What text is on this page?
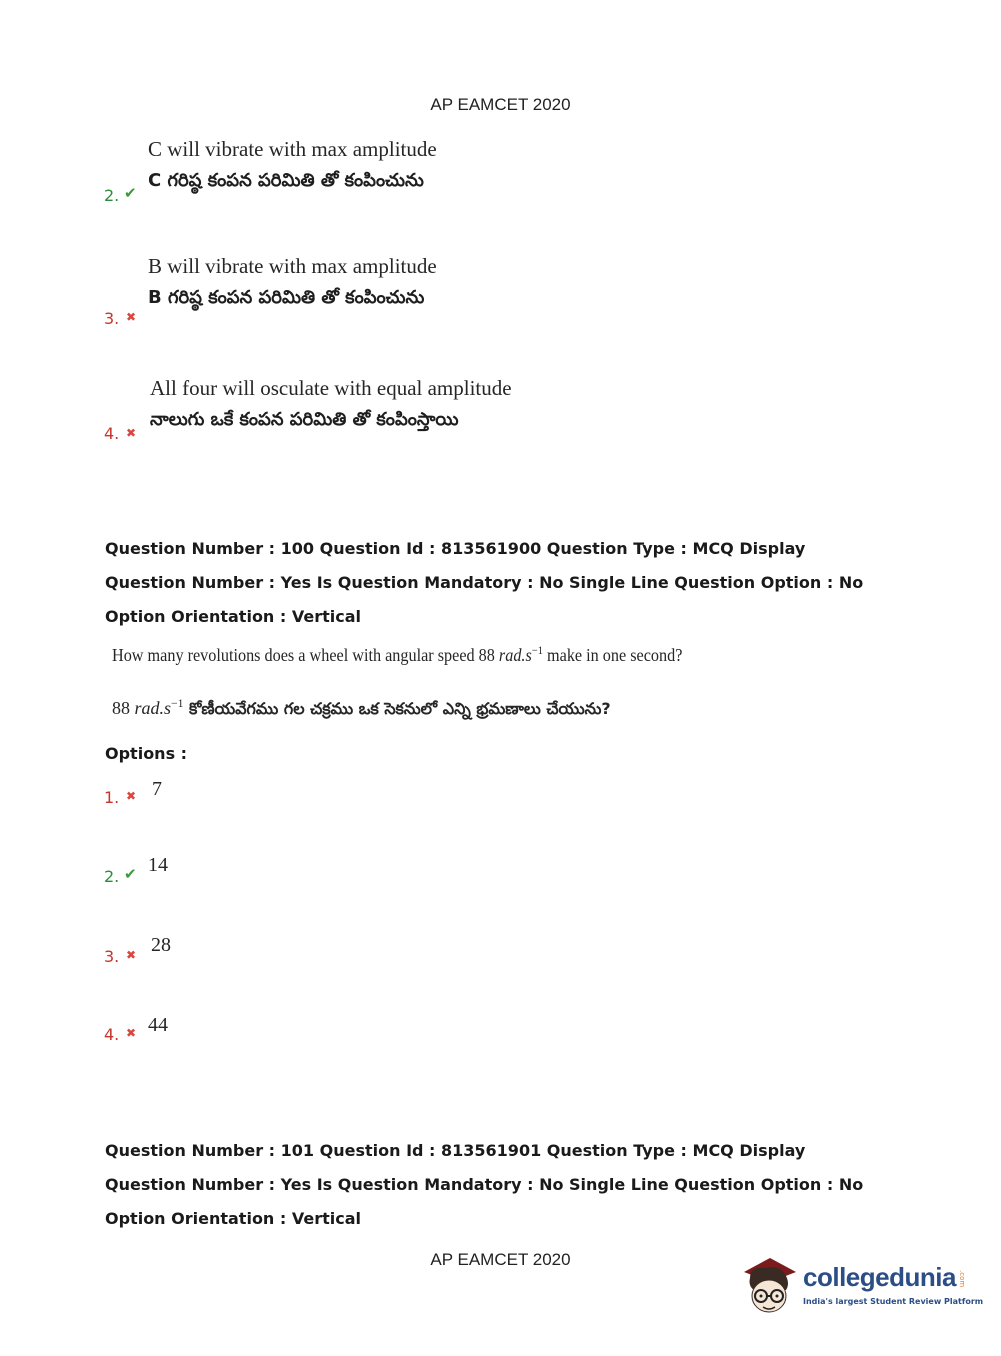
AP EAMCET 2020
2. ✔
C will vibrate with max amplitude
C గరిష్ఠ కంపన పరిమితి తో కంపించును
3. ✖
B will vibrate with max amplitude
B గరిష్ఠ కంపన పరిమితి తో కంపించును
4. ✖
All four will osculate with equal amplitude
నాలుగు ఒకే కంపన పరిమితి తో కంపింస్తాయి
Question Number : 100 Question Id : 813561900 Question Type : MCQ Display Question Number : Yes Is Question Mandatory : No Single Line Question Option : No Option Orientation : Vertical
How many revolutions does a wheel with angular speed 88 $rad.s^{-1}$ make in one second?
88 $rad.s^{-1}$ కోణీయవేగము గల చక్రము ఒక సెకనులో ఎన్ని భ్రమణాలు చేయును?
Options :
1. ✖ 7
2. ✔ 14
3. ✖ 28
4. ✖ 44
Question Number : 101 Question Id : 813561901 Question Type : MCQ Display Question Number : Yes Is Question Mandatory : No Single Line Question Option : No Option Orientation : Vertical
AP EAMCET 2020
collegedunia .com
India's largest Student Review Platform
